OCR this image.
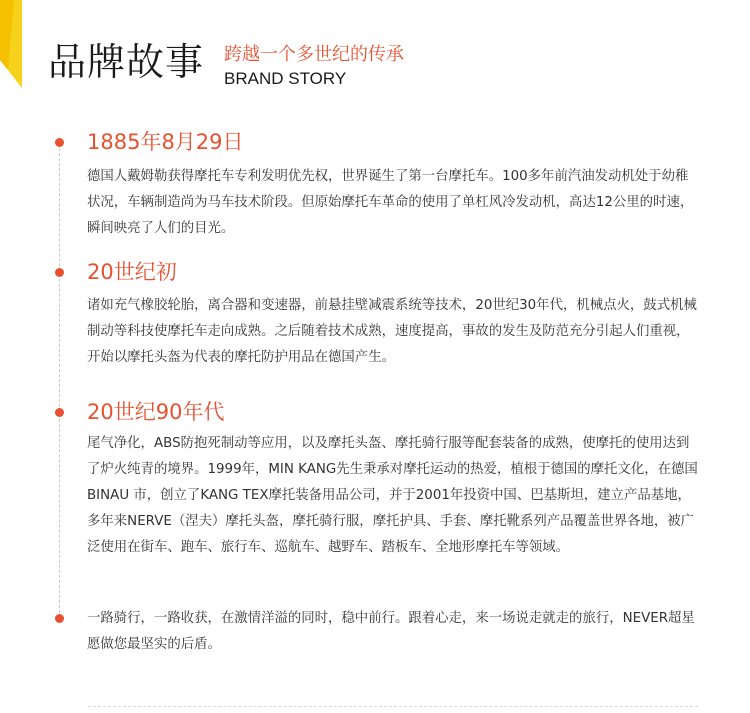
品牌故事 跨越一个多世纪的传承
BRAND STORY
1885年8月29日
德国人戴姆勒获得摩托车专利发明优先权，世界诞生了第一台摩托车。100多年前汽油发动机处于幼稚状况，车辆制造尚为马车技术阶段。但原始摩托车革命的使用了单杠风冷发动机，高达12公里的时速，瞬间映亮了人们的目光。
20世纪初
诸如充气橡胶轮胎，离合器和变速器，前悬挂壁减震系统等技术，20世纪30年代，机械点火，鼓式机械制动等科技使摩托车走向成熟。之后随着技术成熟，速度提高，事故的发生及防范充分引起人们重视，开始以摩托头盔为代表的摩托防护用品在德国产生。
20世纪90年代
尾气净化，ABS防抱死制动等应用，以及摩托头盔、摩托骑行服等配套装备的成熟，使摩托的使用达到了炉火纯青的境界。1999年，MIN KANG先生秉承对摩托运动的热爱，植根于德国的摩托文化，在德国BINAU 市，创立了KANG TEX摩托装备用品公司，并于2001年投资中国、巴基斯坦，建立产品基地，多年来NERVE（涅夫）摩托头盔，摩托骑行服，摩托护具、手套、摩托靴系列产品覆盖世界各地，被广泛使用在街车、跑车、旅行车、巡航车、越野车、踏板车、全地形摩托车等领域。
一路骑行，一路收获，在激情洋溢的同时，稳中前行。跟着心走，来一场说走就走的旅行，NEVER超星愿做您最坚实的后盾。
